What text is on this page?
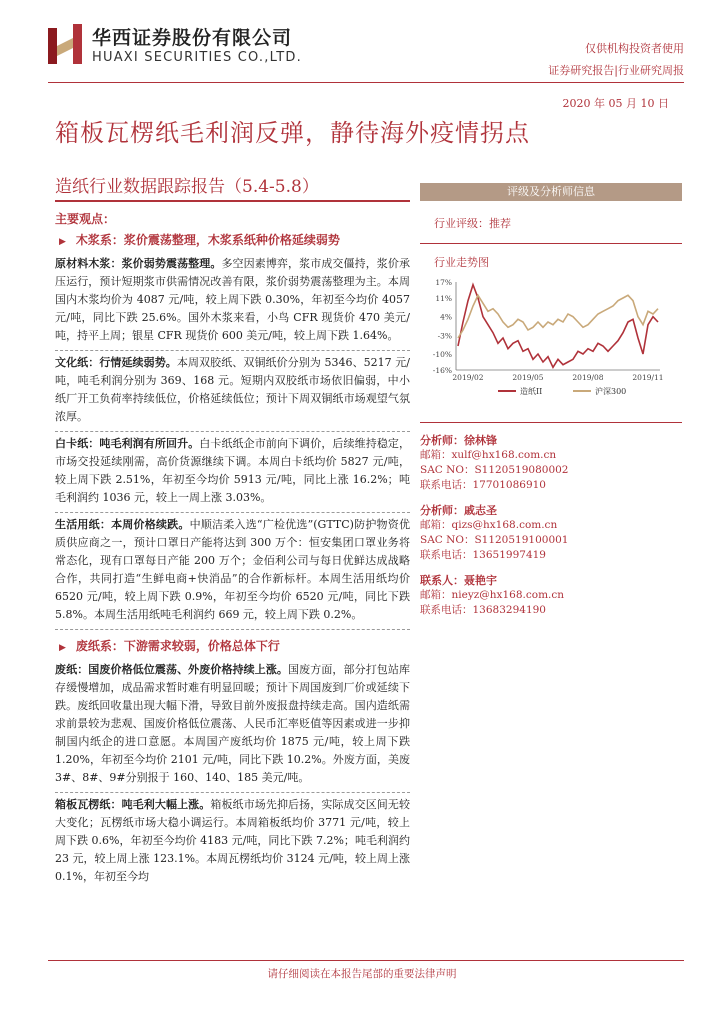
华西证券股份有限公司
HUAXI SECURITIES CO.,LTD.
仅供机构投资者使用
证券研究报告|行业研究周报
2020 年 05 月 10 日
箱板瓦楞纸毛利润反弹，静待海外疫情拐点
造纸行业数据跟踪报告（5.4-5.8）
主要观点：
▶ 木浆系：浆价震荡整理，木浆系纸种价格延续弱势
原材料木浆：浆价弱势震荡整理。多空因素博弈，浆市成交僵持，浆价承压运行，预计短期浆市供需情况改善有限，浆价弱势震荡整理为主。本周国内木浆均价为 4087 元/吨，较上周下跌 0.30%，年初至今均价 4057 元/吨，同比下跌 25.6%。国外木浆来看，小鸟 CFR 现货价 470 美元/吨，持平上周；银星 CFR 现货价 600 美元/吨，较上周下跌 1.64%。
文化纸：行情延续弱势。本周双胶纸、双铜纸价分别为 5346、5217 元/吨，吨毛利润分别为 369、168 元。短期内双胶纸市场依旧偏弱，中小纸厂开工负荷率持续低位，价格延续低位；预计下周双铜纸市场观望气氛浓厚。
白卡纸：吨毛利润有所回升。白卡纸纸企市前向下调价，后续维持稳定，市场交投延续刚需，高价货源继续下调。本周白卡纸均价 5827 元/吨，较上周下跌 2.51%，年初至今均价 5913 元/吨，同比上涨 16.2%；吨毛利润约 1036 元，较上一周上涨 3.03%。
生活用纸：本周价格续跌。中顺洁柔入选“广检优选”(GTTC)防护物资优质供应商之一，预计口罩日产能将达到 300 万个：恒安集团口罩业务将常态化，现有口罩每日产能 200 万个；金佰利公司与每日优鲜达成战略合作，共同打造“生鲜电商+快消品”的合作新标杆。本周生活用纸均价 6520 元/吨，较上周下跌 0.9%，年初至今均价 6520 元/吨，同比下跌 5.8%。本周生活用纸吨毛利润约 669 元，较上周下跌 0.2%。
▶ 废纸系：下游需求较弱，价格总体下行
废纸：国废价格低位震荡、外废价格持续上涨。国废方面，部分打包站库存缓慢增加，成品需求暂时难有明显回暖；预计下周国废到厂价或延续下跌。废纸回收量出现大幅下滑，导致目前外废报盘持续走高。国内造纸需求前景较为悲观、国废价格低位震荡、人民币汇率贬值等因素或进一步抑制国内纸企的进口意愿。本周国产废纸均价 1875 元/吨，较上周下跌 1.20%，年初至今均价 2101 元/吨，同比下跌 10.2%。外废方面，美废 3#、8#、9#分别报于 160、140、185 美元/吨。
箱板瓦楞纸：吨毛利大幅上涨。箱板纸市场先抑后扬，实际成交区间无较大变化；瓦楞纸市场大稳小调运行。本周箱板纸均价 3771 元/吨，较上周下跌 0.6%，年初至今均价 4183 元/吨，同比下跌 7.2%；吨毛利润约 23 元，较上周上涨 123.1%。本周瓦楞纸均价 3124 元/吨，较上周上涨 0.1%，年初至今均
评级及分析师信息
行业评级：推荐
行业走势图
17%
11%
4%
-3%
-10%
-16%
2019/02	2019/05	2019/08	2019/11
造纸II	沪深300
分析师：徐林锋
邮箱：xulf@hx168.com.cn
SAC NO：S1120519080002
联系电话：17701086910
分析师：戚志圣
邮箱：qizs@hx168.com.cn
SAC NO：S1120519100001
联系电话：13651997419
联系人：聂艳宇
邮箱：nieyz@hx168.com.cn
联系电话：13683294190
请仔细阅读在本报告尾部的重要法律声明
